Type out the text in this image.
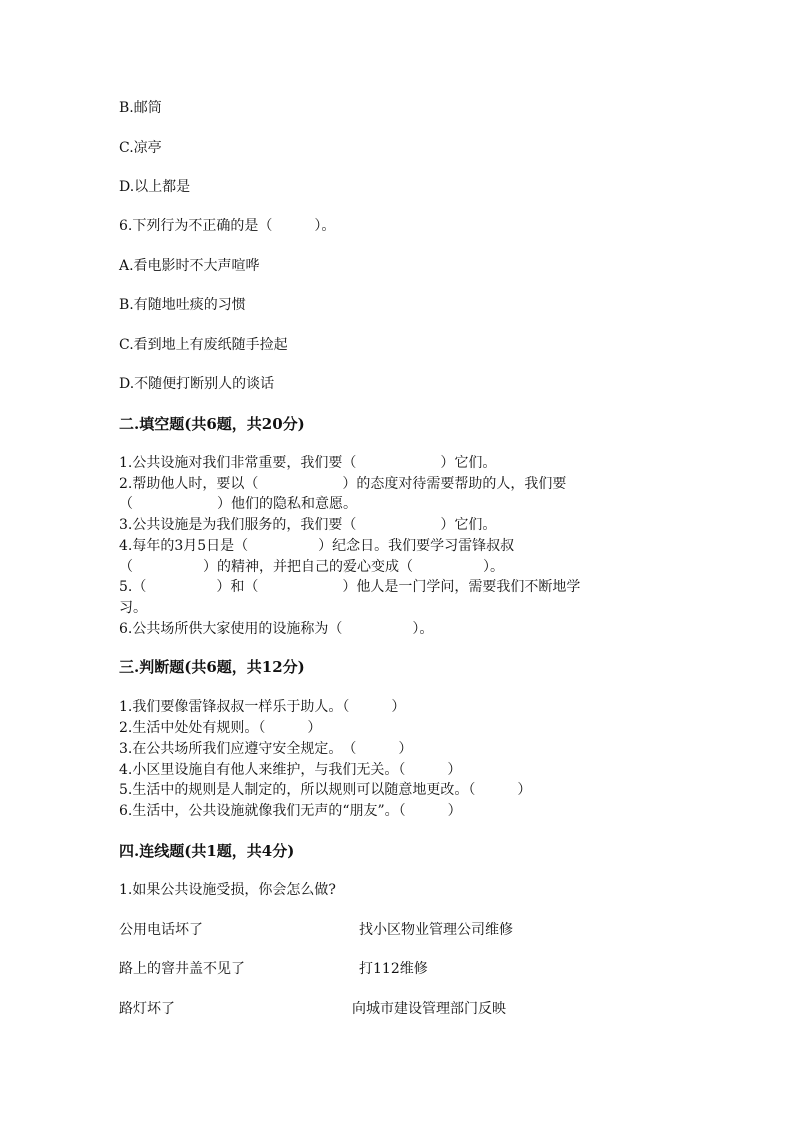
B.邮筒
C.凉亭
D.以上都是
6.下列行为不正确的是（　　　）。
A.看电影时不大声喧哗
B.有随地吐痰的习惯
C.看到地上有废纸随手捡起
D.不随便打断别人的谈话
二.填空题(共6题，共20分)
1.公共设施对我们非常重要，我们要（　　　　　　）它们。
2.帮助他人时，要以（　　　　　　）的态度对待需要帮助的人，我们要
（　　　　　　）他们的隐私和意愿。
3.公共设施是为我们服务的，我们要（　　　　　　）它们。
4.每年的3月5日是（　　　　　）纪念日。我们要学习雷锋叔叔
（　　　　　）的精神，并把自己的爱心变成（　　　　　）。
5.（　　　　　）和（　　　　　　）他人是一门学问，需要我们不断地学
习。
6.公共场所供大家使用的设施称为（　　　　　）。
三.判断题(共6题，共12分)
1.我们要像雷锋叔叔一样乐于助人。（　　　）
2.生活中处处有规则。（　　　）
3.在公共场所我们应遵守安全规定。　（　　　）
4.小区里设施自有他人来维护，与我们无关。（　　　）
5.生活中的规则是人制定的，所以规则可以随意地更改。（　　　）
6.生活中，公共设施就像我们无声的“朋友”。（　　　）
四.连线题(共1题，共4分)
1.如果公共设施受损，你会怎么做?
公用电话坏了	找小区物业管理公司维修
路上的窨井盖不见了	打112维修
路灯坏了	向城市建设管理部门反映
